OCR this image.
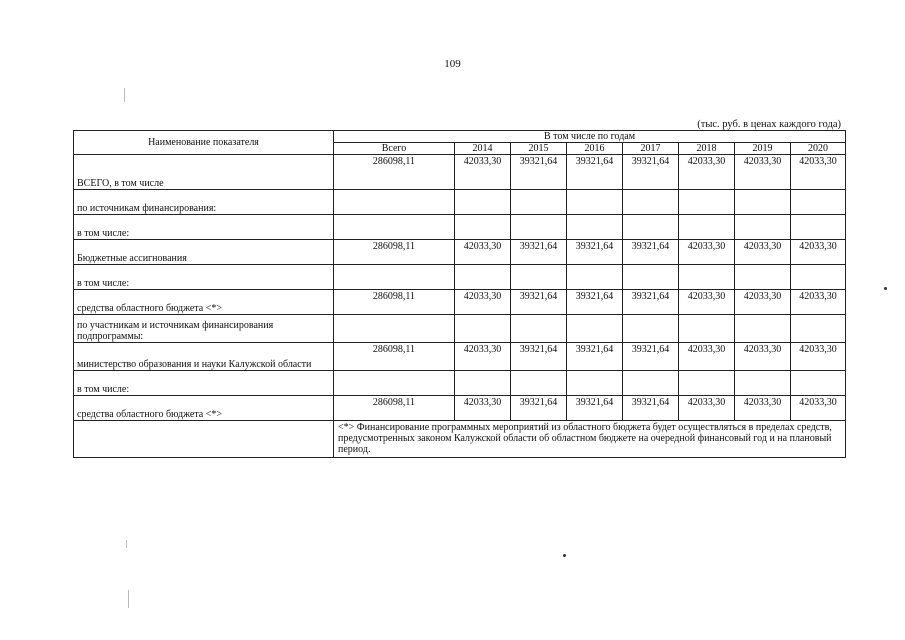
109
(тыс. руб. в ценах каждого года)
Наименование показателя	В том числе по годам							
	Всего	2014	2015	2016	2017	2018	2019	2020
ВСЕГО, в том числе	286098,11	42033,30	39321,64	39321,64	39321,64	42033,30	42033,30	42033,30
по источникам финансирования:								
в том числе:								
Бюджетные ассигнования	286098,11	42033,30	39321,64	39321,64	39321,64	42033,30	42033,30	42033,30
в том числе:								
средства областного бюджета <*>	286098,11	42033,30	39321,64	39321,64	39321,64	42033,30	42033,30	42033,30
по участникам и источникам финансирования подпрограммы:								
министерство образования и науки Калужской области	286098,11	42033,30	39321,64	39321,64	39321,64	42033,30	42033,30	42033,30
в том числе:								
средства областного бюджета <*>	286098,11	42033,30	39321,64	39321,64	39321,64	42033,30	42033,30	42033,30
	<*> Финансирование программных мероприятий из областного бюджета будет осуществляться в пределах средств, предусмотренных законом Калужской области об областном бюджете на очередной финансовый год и на плановый период.							
